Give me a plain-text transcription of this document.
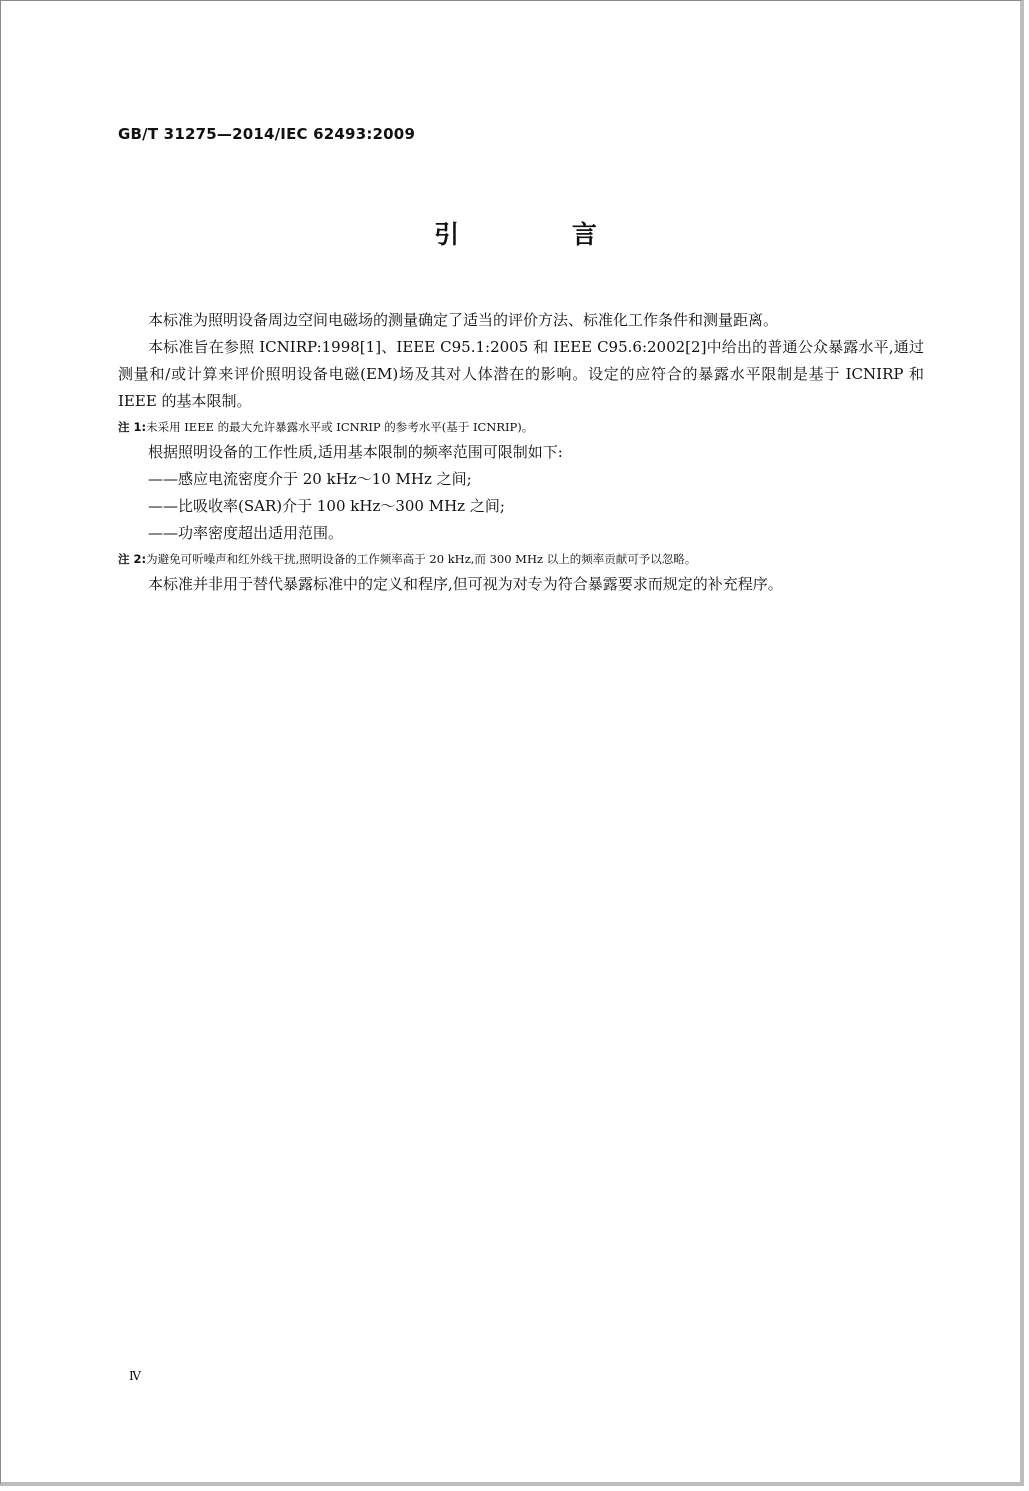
GB/T 31275—2014/IEC 62493:2009

引 言

本标准为照明设备周边空间电磁场的测量确定了适当的评价方法、标准化工作条件和测量距离。

本标准旨在参照 ICNIRP:1998[1]、IEEE C95.1:2005 和 IEEE C95.6:2002[2]中给出的普通公众暴露水平,通过测量和/或计算来评价照明设备电磁(EM)场及其对人体潜在的影响。设定的应符合的暴露水平限制是基于 ICNIRP 和 IEEE 的基本限制。

注 1:未采用 IEEE 的最大允许暴露水平或 ICNRIP 的参考水平(基于 ICNRIP)。

根据照明设备的工作性质,适用基本限制的频率范围可限制如下:

——感应电流密度介于 20 kHz～10 MHz 之间;

——比吸收率(SAR)介于 100 kHz～300 MHz 之间;

——功率密度超出适用范围。

注 2:为避免可听噪声和红外线干扰,照明设备的工作频率高于 20 kHz,而 300 MHz 以上的频率贡献可予以忽略。

本标准并非用于替代暴露标准中的定义和程序,但可视为对专为符合暴露要求而规定的补充程序。

Ⅳ
